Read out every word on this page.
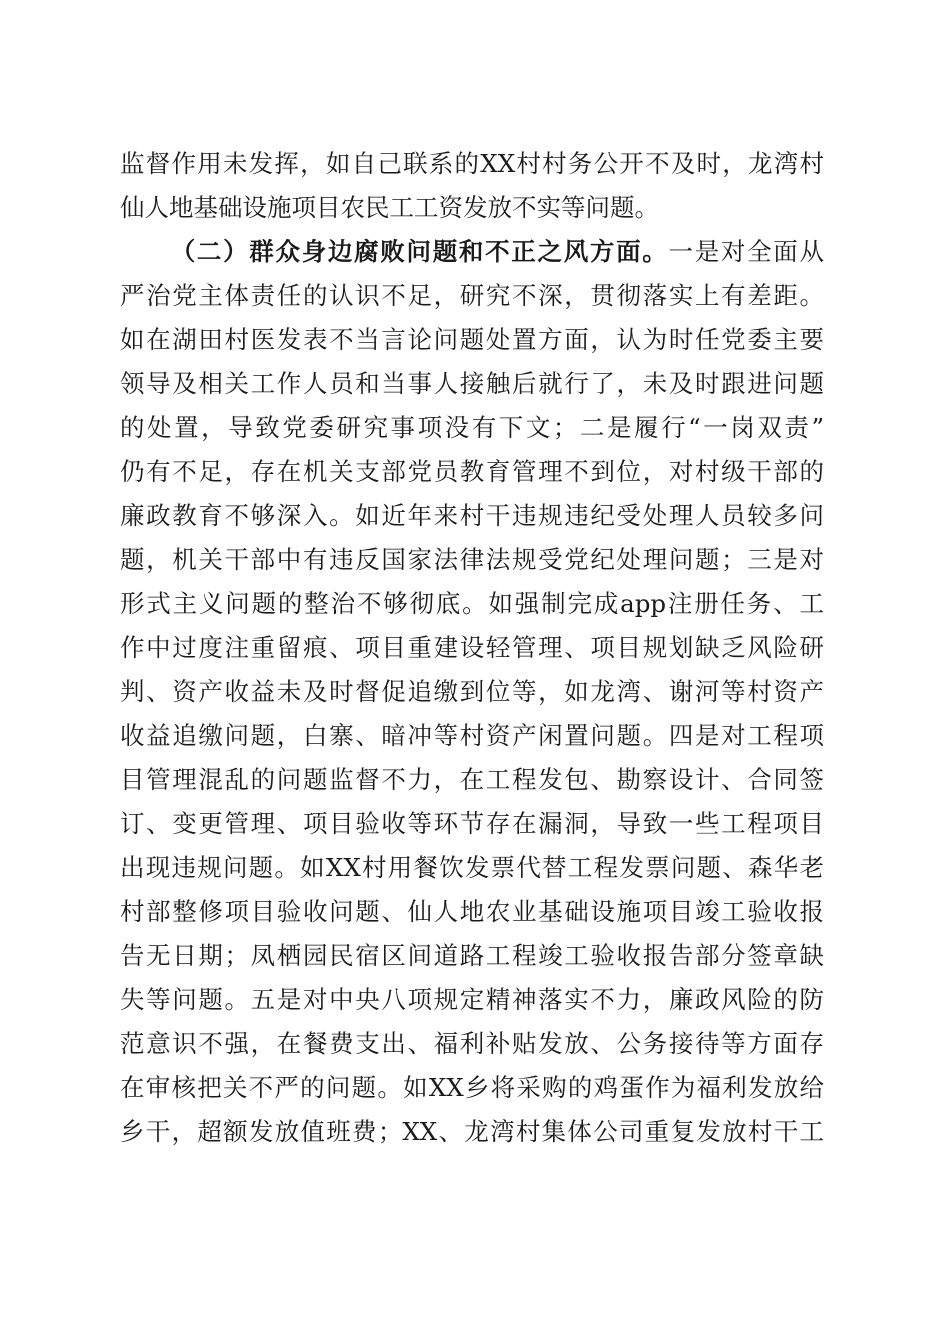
监督作用未发挥，如自己联系的XX村村务公开不及时，龙湾村
仙人地基础设施项目农民工工资发放不实等问题。
（二）群众身边腐败问题和不正之风方面。一是对全面从
严治党主体责任的认识不足，研究不深，贯彻落实上有差距。
如在湖田村医发表不当言论问题处置方面，认为时任党委主要
领导及相关工作人员和当事人接触后就行了，未及时跟进问题
的处置，导致党委研究事项没有下文；二是履行“一岗双责”
仍有不足，存在机关支部党员教育管理不到位，对村级干部的
廉政教育不够深入。如近年来村干违规违纪受处理人员较多问
题，机关干部中有违反国家法律法规受党纪处理问题；三是对
形式主义问题的整治不够彻底。如强制完成app注册任务、工
作中过度注重留痕、项目重建设轻管理、项目规划缺乏风险研
判、资产收益未及时督促追缴到位等，如龙湾、谢河等村资产
收益追缴问题，白寨、暗冲等村资产闲置问题。四是对工程项
目管理混乱的问题监督不力，在工程发包、勘察设计、合同签
订、变更管理、项目验收等环节存在漏洞，导致一些工程项目
出现违规问题。如XX村用餐饮发票代替工程发票问题、森华老
村部整修项目验收问题、仙人地农业基础设施项目竣工验收报
告无日期；凤栖园民宿区间道路工程竣工验收报告部分签章缺
失等问题。五是对中央八项规定精神落实不力，廉政风险的防
范意识不强，在餐费支出、福利补贴发放、公务接待等方面存
在审核把关不严的问题。如XX乡将采购的鸡蛋作为福利发放给
乡干，超额发放值班费；XX、龙湾村集体公司重复发放村干工
